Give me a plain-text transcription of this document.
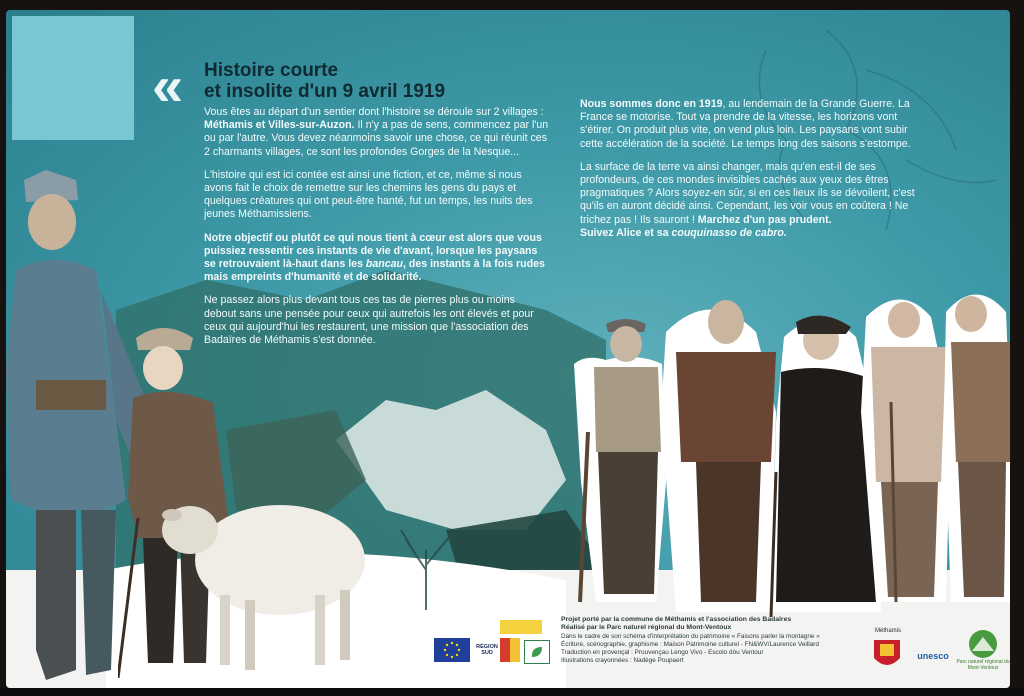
« Histoire courte
et insolite d'un 9 avril 1919

Vous êtes au départ d'un sentier dont l'histoire se déroule sur 2 villages : Méthamis et Villes-sur-Auzon. Il n'y a pas de sens, commencez par l'un ou par l'autre. Vous devez néanmoins savoir une chose, ce qui réunit ces 2 charmants villages, ce sont les profondes Gorges de la Nesque...

L'histoire qui est ici contée est ainsi une fiction, et ce, même si nous avons fait le choix de remettre sur les chemins les gens du pays et quelques créatures qui ont peut-être hanté, fut un temps, les nuits des jeunes Méthamissiens.

Notre objectif ou plutôt ce qui nous tient à cœur est alors que vous puissiez ressentir ces instants de vie d'avant, lorsque les paysans se retrouvaient là-haut dans les bancau, des instants à la fois rudes mais empreints d'humanité et de solidarité.

Ne passez alors plus devant tous ces tas de pierres plus ou moins debout sans une pensée pour ceux qui autrefois les ont élevés et pour ceux qui aujourd'hui les restaurent, une mission que l'association des Badaïres de Méthamis s'est donnée.

Nous sommes donc en 1919, au lendemain de la Grande Guerre. La France se motorise. Tout va prendre de la vitesse, les horizons vont s'étirer. On produit plus vite, on vend plus loin. Les paysans vont subir cette accélération de la société. Le temps long des saisons s'estompe.

La surface de la terre va ainsi changer, mais qu'en est-il de ses profondeurs, de ces mondes invisibles cachés aux yeux des êtres pragmatiques ? Alors soyez-en sûr, si en ces lieux ils se dévoilent, c'est qu'ils en auront décidé ainsi. Cependant, les voir vous en coûtera ! Ne trichez pas ! Ils sauront ! Marchez d'un pas prudent.
Suivez Alice et sa couquinasso de cabro.

Projet porté par la commune de Méthamis et l'association des Badaïres
Réalisé par le Parc naturel régional du Mont-Ventoux
Dans le cadre de son schéma d'interprétation du patrimoine « Faisons parler la montagne »
Écriture, scénographie, graphisme : Maison Patrimoine culturel - FN&WV/Laurence Veillard
Traduction en provençal : Prouvençau Lengo Vivo - Escolo dóu Ventour
Illustrations crayonnées : Nadège Poupaert
RÉGION SUD
Méthamis
unesco
Parc naturel régional du Mont-Ventoux
